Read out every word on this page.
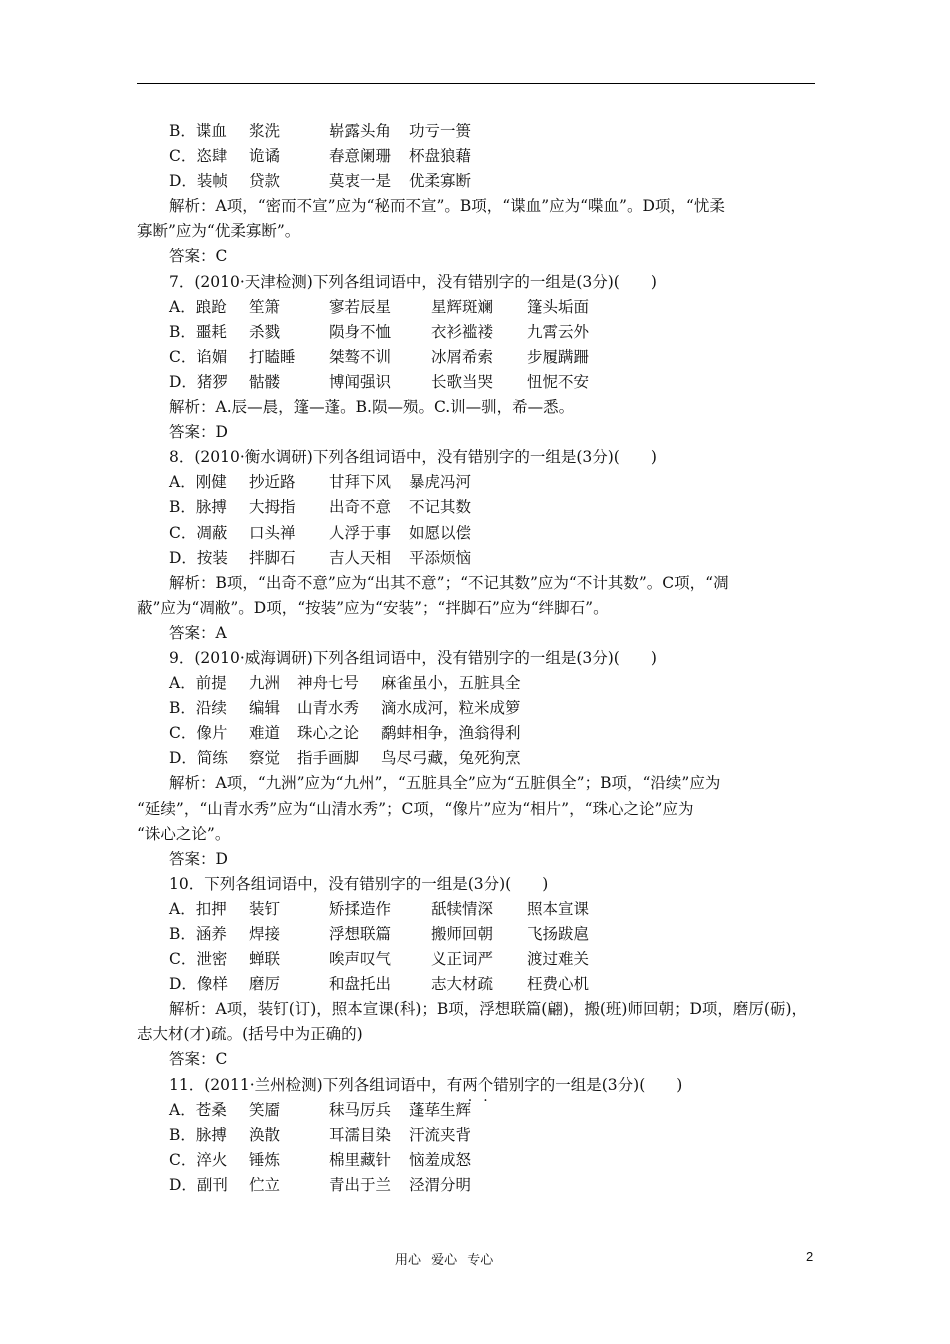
B．谍血 浆洗	崭露头角 功亏一篑
C．恣肆 诡谲	春意阑珊 杯盘狼藉
D．装帧 贷款	莫衷一是 优柔寡断
解析：A项，“密而不宣”应为“秘而不宣”。B项，“谍血”应为“喋血”。D项，“忧柔
寡断”应为“优柔寡断”。
答案：C
7．(2010·天津检测)下列各组词语中，没有错别字的一组是(3分)(　　)
A．踉跄 笙箫	寥若辰星	星辉斑斓 篷头垢面
B．噩耗 杀戮	陨身不恤	衣衫褴褛 九霄云外
C．谄媚 打瞌睡 桀骜不训	冰屑希索 步履蹒跚
D．猪猡 骷髅	博闻强识	长歌当哭 忸怩不安
解析：A.辰—晨，篷—蓬。B.陨—殒。C.训—驯，希—悉。
答案：D
8．(2010·衡水调研)下列各组词语中，没有错别字的一组是(3分)(　　)
A．刚健 抄近路 甘拜下风 暴虎冯河
B．脉搏 大拇指 出奇不意 不记其数
C．凋蔽 口头禅 人浮于事 如愿以偿
D．按装 拌脚石 吉人天相 平添烦恼
解析：B项，“出奇不意”应为“出其不意”；“不记其数”应为“不计其数”。C项，“凋
蔽”应为“凋敝”。D项，“按装”应为“安装”；“拌脚石”应为“绊脚石”。
答案：A
9．(2010·威海调研)下列各组词语中，没有错别字的一组是(3分)(　　)
A．前提 九洲 神舟七号 麻雀虽小，五脏具全
B．沿续 编辑 山青水秀 滴水成河，粒米成箩
C．像片 难道 珠心之论 鹬蚌相争，渔翁得利
D．简练 察觉 指手画脚 鸟尽弓藏，兔死狗烹
解析：A项，“九洲”应为“九州”，“五脏具全”应为“五脏俱全”；B项，“沿续”应为
“延续”，“山青水秀”应为“山清水秀”；C项，“像片”应为“相片”，“珠心之论”应为
“诛心之论”。
答案：D
10．下列各组词语中，没有错别字的一组是(3分)(　　)
A．扣押 装钉	矫揉造作	舐犊情深 照本宣课
B．涵养 焊接	浮想联篇	搬师回朝 飞扬跋扈
C．泄密 蝉联	唉声叹气	义正词严 渡过难关
D．像样 磨厉	和盘托出	志大材疏 枉费心机
解析：A项，装钉(订)，照本宣课(科)；B项，浮想联篇(翩)，搬(班)师回朝；D项，磨厉(砺)，
志大材(才)疏。(括号中为正确的)
答案：C
11．(2011·兰州检测)下列各组词语中，有两个错别字的一组是(3分)(　　)
A．苍桑 笑靥	秣马厉兵 蓬荜生辉
B．脉搏 涣散	耳濡目染 汗流夹背
C．淬火 锤炼	棉里藏针 恼羞成怒
D．副刊 伫立	青出于兰 泾渭分明
用心 爱心 专心	2
